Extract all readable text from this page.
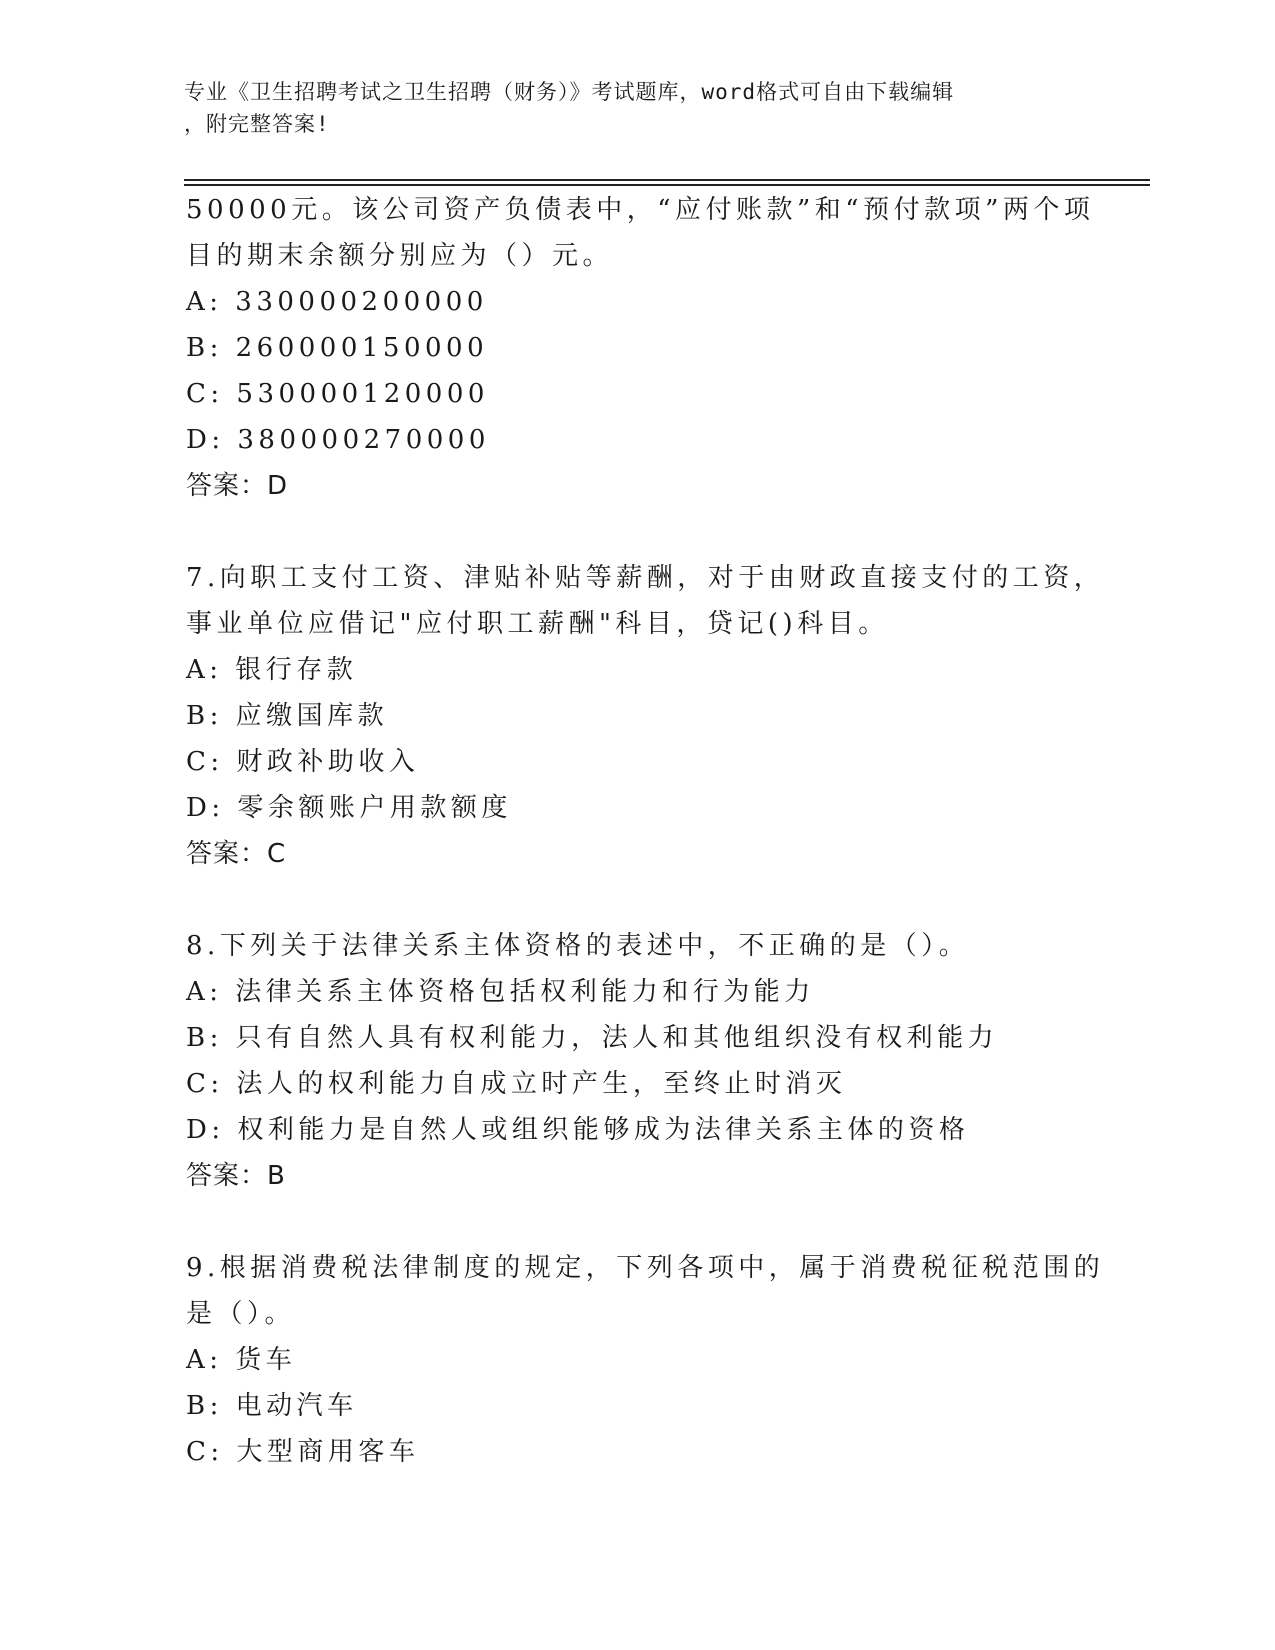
专业《卫生招聘考试之卫生招聘（财务）》考试题库，word格式可自由下载编辑
，附完整答案!
50000元。该公司资产负债表中，“应付账款”和“预付款项”两个项
目的期末余额分别应为（）元。
A: 330000200000
B: 260000150000
C: 530000120000
D: 380000270000
答案：D
7.向职工支付工资、津贴补贴等薪酬，对于由财政直接支付的工资，
事业单位应借记"应付职工薪酬"科目，贷记()科目。
A: 银行存款
B: 应缴国库款
C: 财政补助收入
D: 零余额账户用款额度
答案：C
8.下列关于法律关系主体资格的表述中，不正确的是（）。
A: 法律关系主体资格包括权利能力和行为能力
B: 只有自然人具有权利能力，法人和其他组织没有权利能力
C: 法人的权利能力自成立时产生，至终止时消灭
D: 权利能力是自然人或组织能够成为法律关系主体的资格
答案：B
9.根据消费税法律制度的规定，下列各项中，属于消费税征税范围的
是（）。
A: 货车
B: 电动汽车
C: 大型商用客车
